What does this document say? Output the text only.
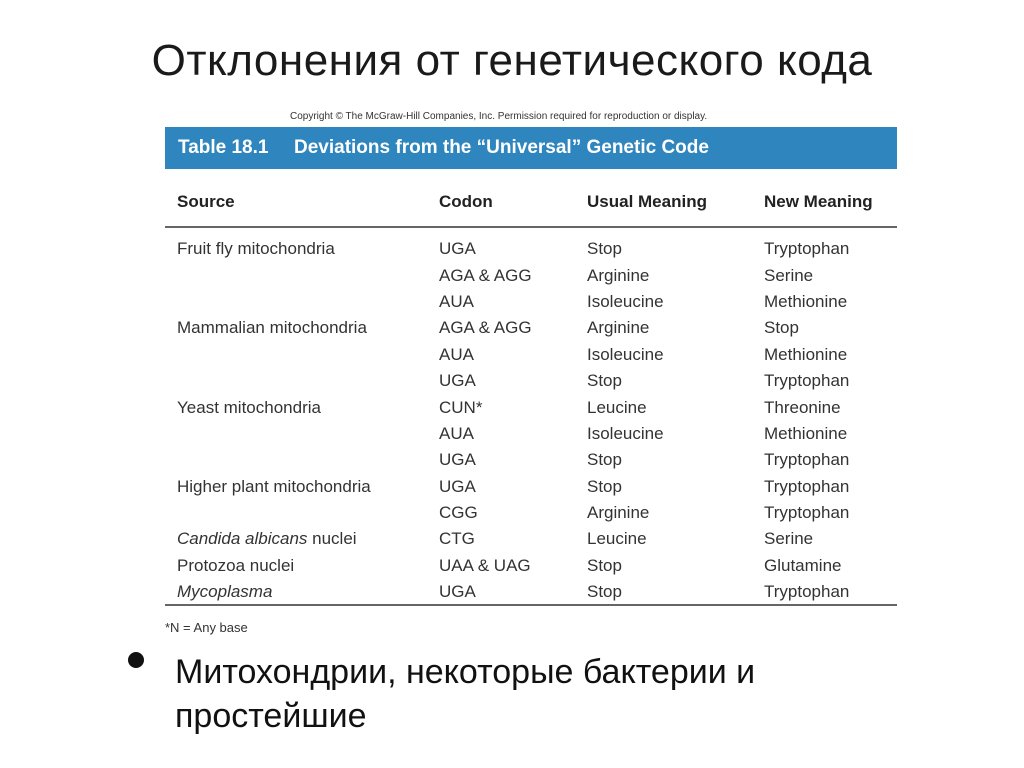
Отклонения от генетического кода
Copyright © The McGraw-Hill Companies, Inc. Permission required for reproduction or display.
Table 18.1	Deviations from the “Universal” Genetic Code
Source	Codon	Usual Meaning	New Meaning
Fruit fly mitochondria	UGA	Stop	Tryptophan
	AGA & AGG	Arginine	Serine
	AUA	Isoleucine	Methionine
Mammalian mitochondria	AGA & AGG	Arginine	Stop
	AUA	Isoleucine	Methionine
	UGA	Stop	Tryptophan
Yeast mitochondria	CUN*	Leucine	Threonine
	AUA	Isoleucine	Methionine
	UGA	Stop	Tryptophan
Higher plant mitochondria	UGA	Stop	Tryptophan
	CGG	Arginine	Tryptophan
Candida albicans nuclei	CTG	Leucine	Serine
Protozoa nuclei	UAA & UAG	Stop	Glutamine
Mycoplasma	UGA	Stop	Tryptophan
*N = Any base
Митохондрии, некоторые бактерии и простейшие
